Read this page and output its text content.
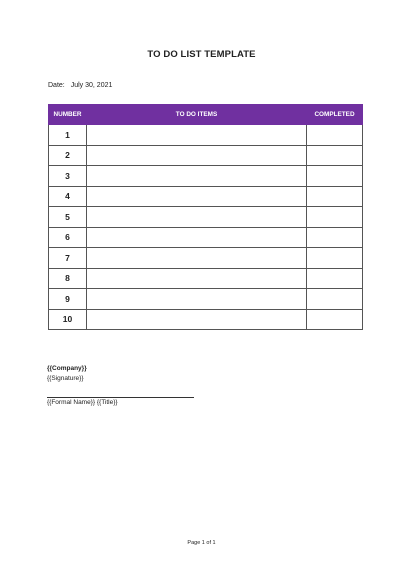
TO DO LIST TEMPLATE
Date: July 30, 2021
NUMBER	TO DO ITEMS	COMPLETED
1		
2		
3		
4		
5		
6		
7		
8		
9		
10		
{{Company}}
{{Signature}}
{{Formal Name}} {{Title}}
Page 1 of 1
